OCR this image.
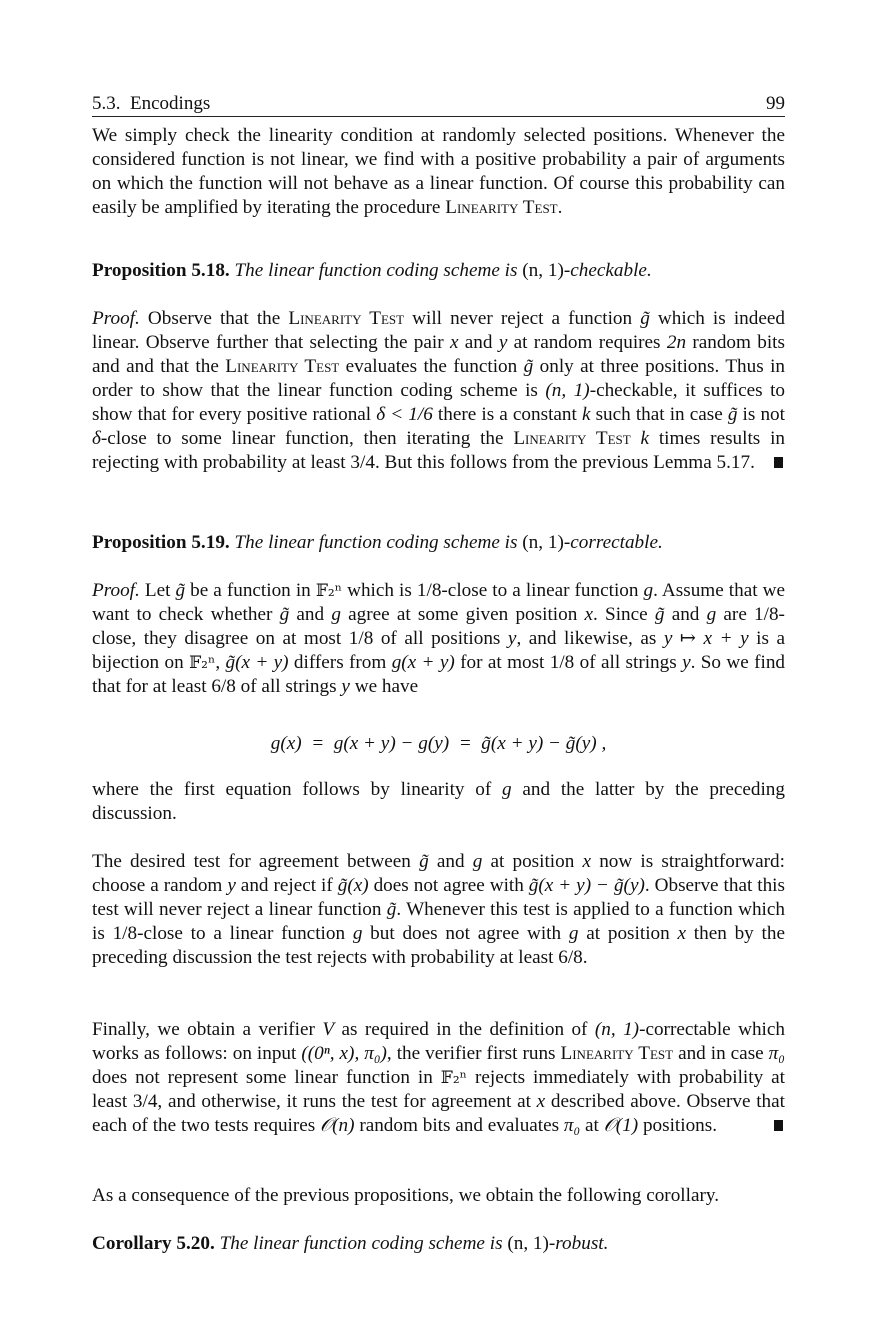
5.3.  Encodings	99
We simply check the linearity condition at randomly selected positions. Whenever the considered function is not linear, we find with a positive probability a pair of arguments on which the function will not behave as a linear function. Of course this probability can easily be amplified by iterating the procedure Linearity Test.
Proposition 5.18. The linear function coding scheme is (n, 1)-checkable.
Proof. Observe that the Linearity Test will never reject a function g̃ which is indeed linear. Observe further that selecting the pair x and y at random requires 2n random bits and and that the Linearity Test evaluates the function g̃ only at three positions. Thus in order to show that the linear function coding scheme is (n, 1)-checkable, it suffices to show that for every positive rational δ < 1/6 there is a constant k such that in case g̃ is not δ-close to some linear function, then iterating the Linearity Test k times results in rejecting with probability at least 3/4. But this follows from the previous Lemma 5.17.
Proposition 5.19. The linear function coding scheme is (n, 1)-correctable.
Proof. Let g̃ be a function in 𝔽₂ⁿ which is 1/8-close to a linear function g. Assume that we want to check whether g̃ and g agree at some given position x. Since g̃ and g are 1/8-close, they disagree on at most 1/8 of all positions y, and likewise, as y ↦ x + y is a bijection on 𝔽₂ⁿ, g̃(x + y) differs from g(x + y) for at most 1/8 of all strings y. So we find that for at least 6/8 of all strings y we have
g(x)  =  g(x + y) − g(y)  =  g̃(x + y) − g̃(y) ,
where the first equation follows by linearity of g and the latter by the preceding discussion.
The desired test for agreement between g̃ and g at position x now is straightforward: choose a random y and reject if g̃(x) does not agree with g̃(x + y) − g̃(y). Observe that this test will never reject a linear function g̃. Whenever this test is applied to a function which is 1/8-close to a linear function g but does not agree with g at position x then by the preceding discussion the test rejects with probability at least 6/8.
Finally, we obtain a verifier V as required in the definition of (n, 1)-correctable which works as follows: on input ((0ⁿ, x), π₀), the verifier first runs Linearity Test and in case π₀ does not represent some linear function in 𝔽₂ⁿ rejects immediately with probability at least 3/4, and otherwise, it runs the test for agreement at x described above. Observe that each of the two tests requires 𝒪(n) random bits and evaluates π₀ at 𝒪(1) positions.
As a consequence of the previous propositions, we obtain the following corollary.
Corollary 5.20. The linear function coding scheme is (n, 1)-robust.
